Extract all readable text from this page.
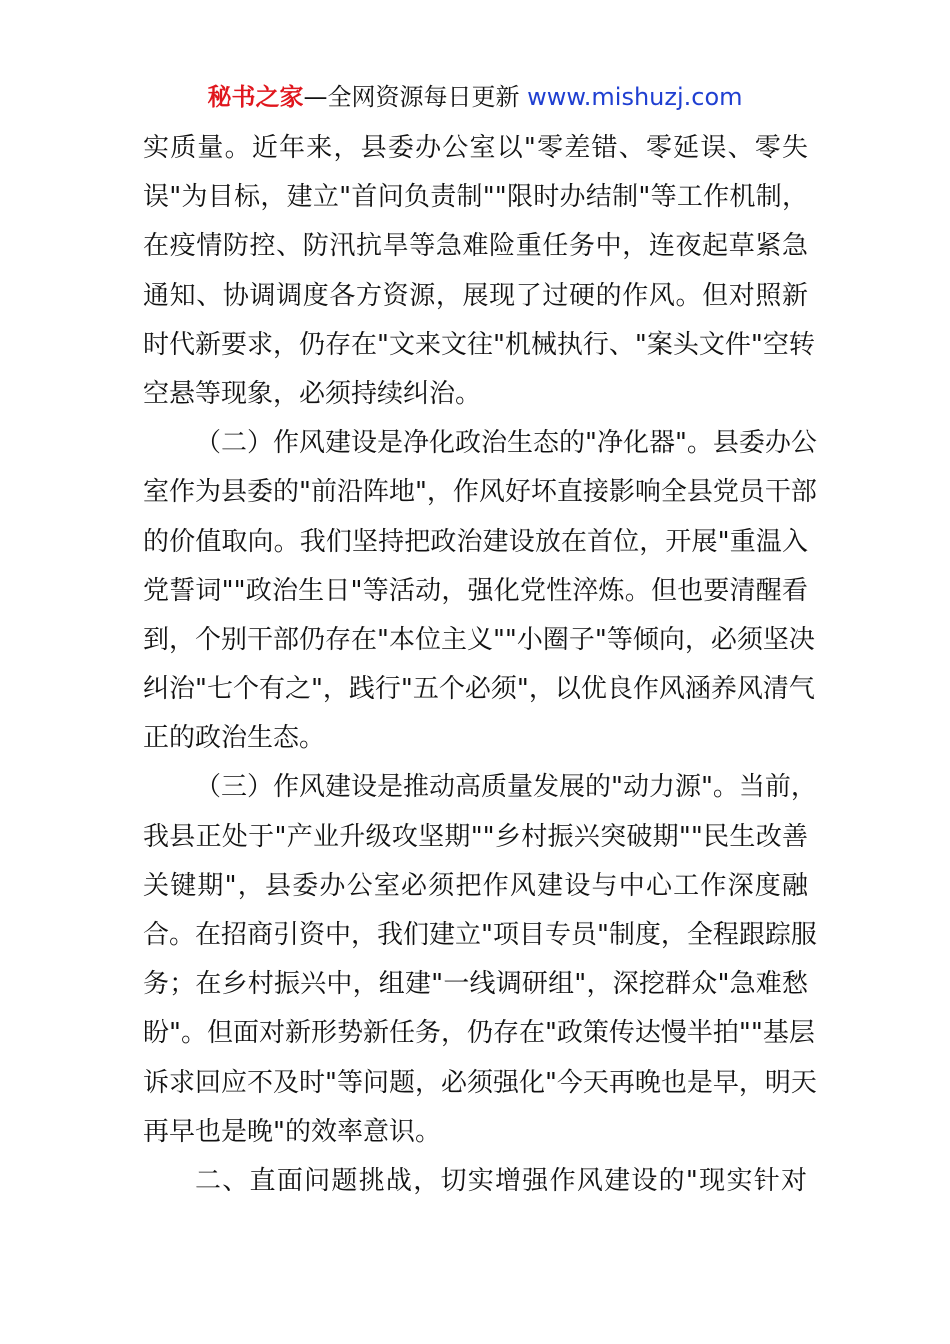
秘书之家—全网资源每日更新 www.mishuzj.com
实质量。近年来，县委办公室以"零差错、零延误、零失
误"为目标，建立"首问负责制""限时办结制"等工作机制，
在疫情防控、防汛抗旱等急难险重任务中，连夜起草紧急
通知、协调调度各方资源，展现了过硬的作风。但对照新
时代新要求，仍存在"文来文往"机械执行、"案头文件"空转
空悬等现象，必须持续纠治。
（二）作风建设是净化政治生态的"净化器"。县委办公
室作为县委的"前沿阵地"，作风好坏直接影响全县党员干部
的价值取向。我们坚持把政治建设放在首位，开展"重温入
党誓词""政治生日"等活动，强化党性淬炼。但也要清醒看
到，个别干部仍存在"本位主义""小圈子"等倾向，必须坚决
纠治"七个有之"，践行"五个必须"，以优良作风涵养风清气
正的政治生态。
（三）作风建设是推动高质量发展的"动力源"。当前，
我县正处于"产业升级攻坚期""乡村振兴突破期""民生改善
关键期"，县委办公室必须把作风建设与中心工作深度融
合。在招商引资中，我们建立"项目专员"制度，全程跟踪服
务；在乡村振兴中，组建"一线调研组"，深挖群众"急难愁
盼"。但面对新形势新任务，仍存在"政策传达慢半拍""基层
诉求回应不及时"等问题，必须强化"今天再晚也是早，明天
再早也是晚"的效率意识。
二、直面问题挑战，切实增强作风建设的"现实针对
